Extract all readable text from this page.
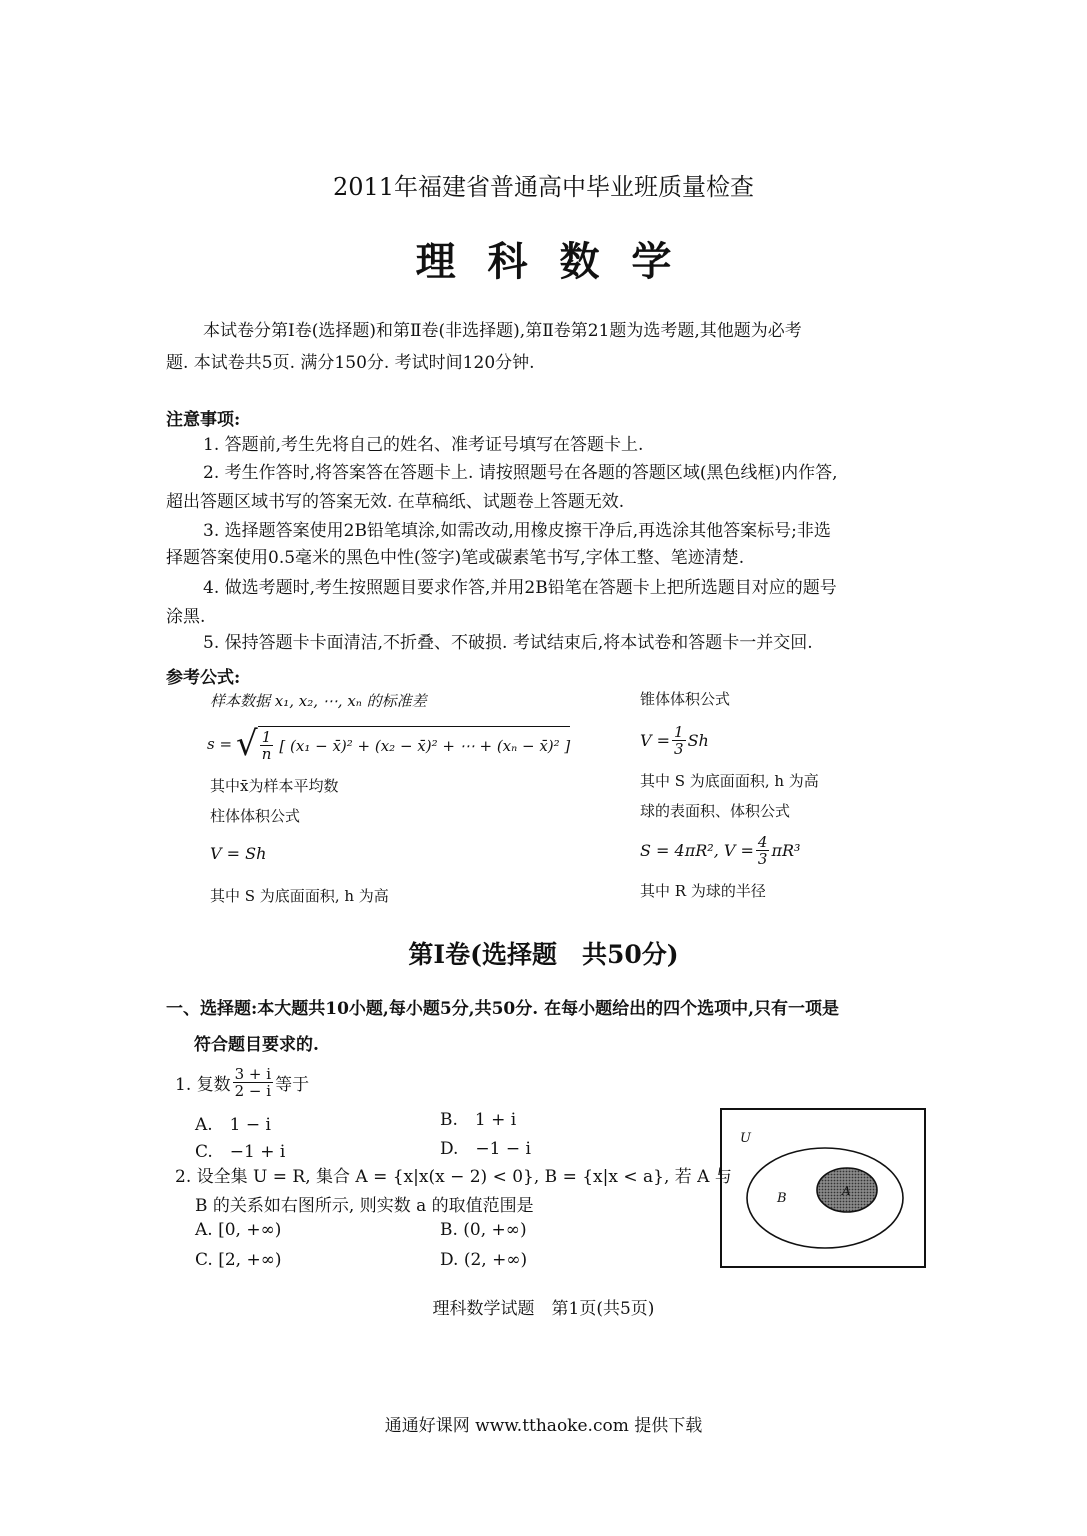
2011年福建省普通高中毕业班质量检查
理 科 数 学
本试卷分第Ⅰ卷(选择题)和第Ⅱ卷(非选择题),第Ⅱ卷第21题为选考题,其他题为必考
题. 本试卷共5页. 满分150分. 考试时间120分钟.
注意事项:
1. 答题前,考生先将自己的姓名、准考证号填写在答题卡上.
2. 考生作答时,将答案答在答题卡上. 请按照题号在各题的答题区域(黑色线框)内作答,
超出答题区域书写的答案无效. 在草稿纸、试题卷上答题无效.
3. 选择题答案使用2B铅笔填涂,如需改动,用橡皮擦干净后,再选涂其他答案标号;非选
择题答案使用0.5毫米的黑色中性(签字)笔或碳素笔书写,字体工整、笔迹清楚.
4. 做选考题时,考生按照题目要求作答,并用2B铅笔在答题卡上把所选题目对应的题号
涂黑.
5. 保持答题卡卡面清洁,不折叠、不破损. 考试结束后,将本试卷和答题卡一并交回.
参考公式:
样本数据 x₁, x₂, ⋯, xₙ 的标准差
s = √ $\frac{1}{n}$ [ (x₁ − x̄)² + (x₂ − x̄)² + ⋯ + (xₙ − x̄)² ]
其中x̄为样本平均数
柱体体积公式
V = Sh
其中 S 为底面面积, h 为高
锥体体积公式
$V = \frac{1}{3}$ Sh
其中 S 为底面面积, h 为高
球的表面积、体积公式
S = 4πR², $V = \frac{4}{3} \pi R^3$
其中 R 为球的半径
第Ⅰ卷(选择题　共50分)
一、选择题:本大题共10小题,每小题5分,共50分. 在每小题给出的四个选项中,只有一项是
符合题目要求的.
1. 复数 $\frac{3 + i}{2 - i}$ 等于
A.　1 − i	B.　1 + i
C.　−1 + i	D.　−1 − i
2. 设全集 U = R, 集合 A = {x|x(x − 2) < 0}, B = {x|x < a}, 若 A 与
B 的关系如右图所示, 则实数 a 的取值范围是
A. [0, +∞)	B. (0, +∞)
C. [2, +∞)	D. (2, +∞)
U
B	A
理科数学试题　第1页(共5页)
通通好课网 www.tthaoke.com 提供下载
